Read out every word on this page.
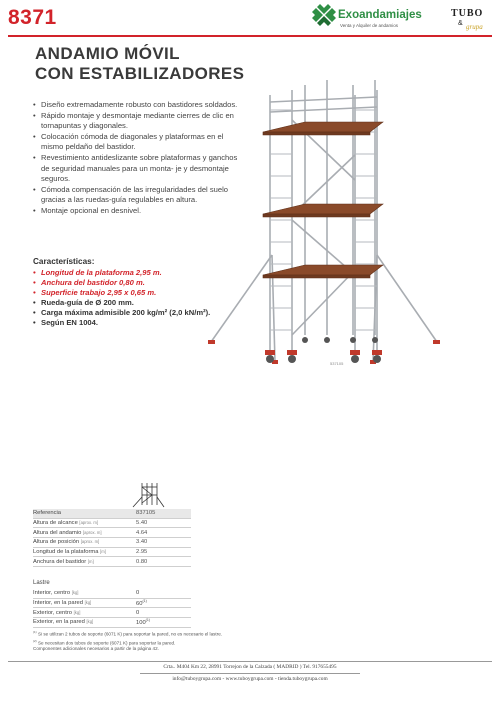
8371	Exoandamiajes
Venta y Alquiler de andamios
TUBO
& grupa
ANDAMIO MÓVIL
CON ESTABILIZADORES
• Diseño extremadamente robusto con bastidores soldados.
• Rápido montaje y desmontaje mediante cierres de clic en tornapuntas y diagonales.
• Colocación cómoda de diagonales y plataformas en el mismo peldaño del bastidor.
• Revestimiento antideslizante sobre plataformas y ganchos de seguridad manuales para un monta- je y desmontaje seguros.
• Cómoda compensación de las irregularidades del suelo gracias a las ruedas-guía regulables en altura.
• Montaje opcional en desnivel.
Características:
• Longitud de la plataforma 2,95 m.
• Anchura del bastidor 0,80 m.
• Superficie trabajo 2,95 x 0,65 m.
• Rueda-guía de Ø 200 mm.
• Carga máxima admisible 200 kg/m² (2,0 kN/m²).
• Según EN 1004.
537105
Referencia	837105
Altura de alcance [aprox. m]	5.40
Altura del andamio [aprox. m]	4.64
Altura de posición [aprox. m]	3.40
Longitud de la plataforma [m]	2.95
Anchura del bastidor [m]	0.80
Lastre
Interior, centro [kg]	0
Interior, en la pared [kg]	60$^{(1)}$
Exterior, centro [kg]	0
Exterior, en la pared [kg]	100$^{(1)}$
$^{(1)}$ Si se utilizan 2 tubos de soporte (6071 K) para soportar la pared, no es necesario el lastre.
$^{(2)}$ Se necesitan dos tubos de soporte (6071 K) para soportar la pared.
Componentes adicionales necesarios a partir de la página 42.
Crta.. M404 Km 22, 28991 Torrejon de la Calzada ( MADRID ) Tel. 917655495
info@tuboygrupa.com - www.tuboygrupa.com - tienda.tuboygrupa.com
